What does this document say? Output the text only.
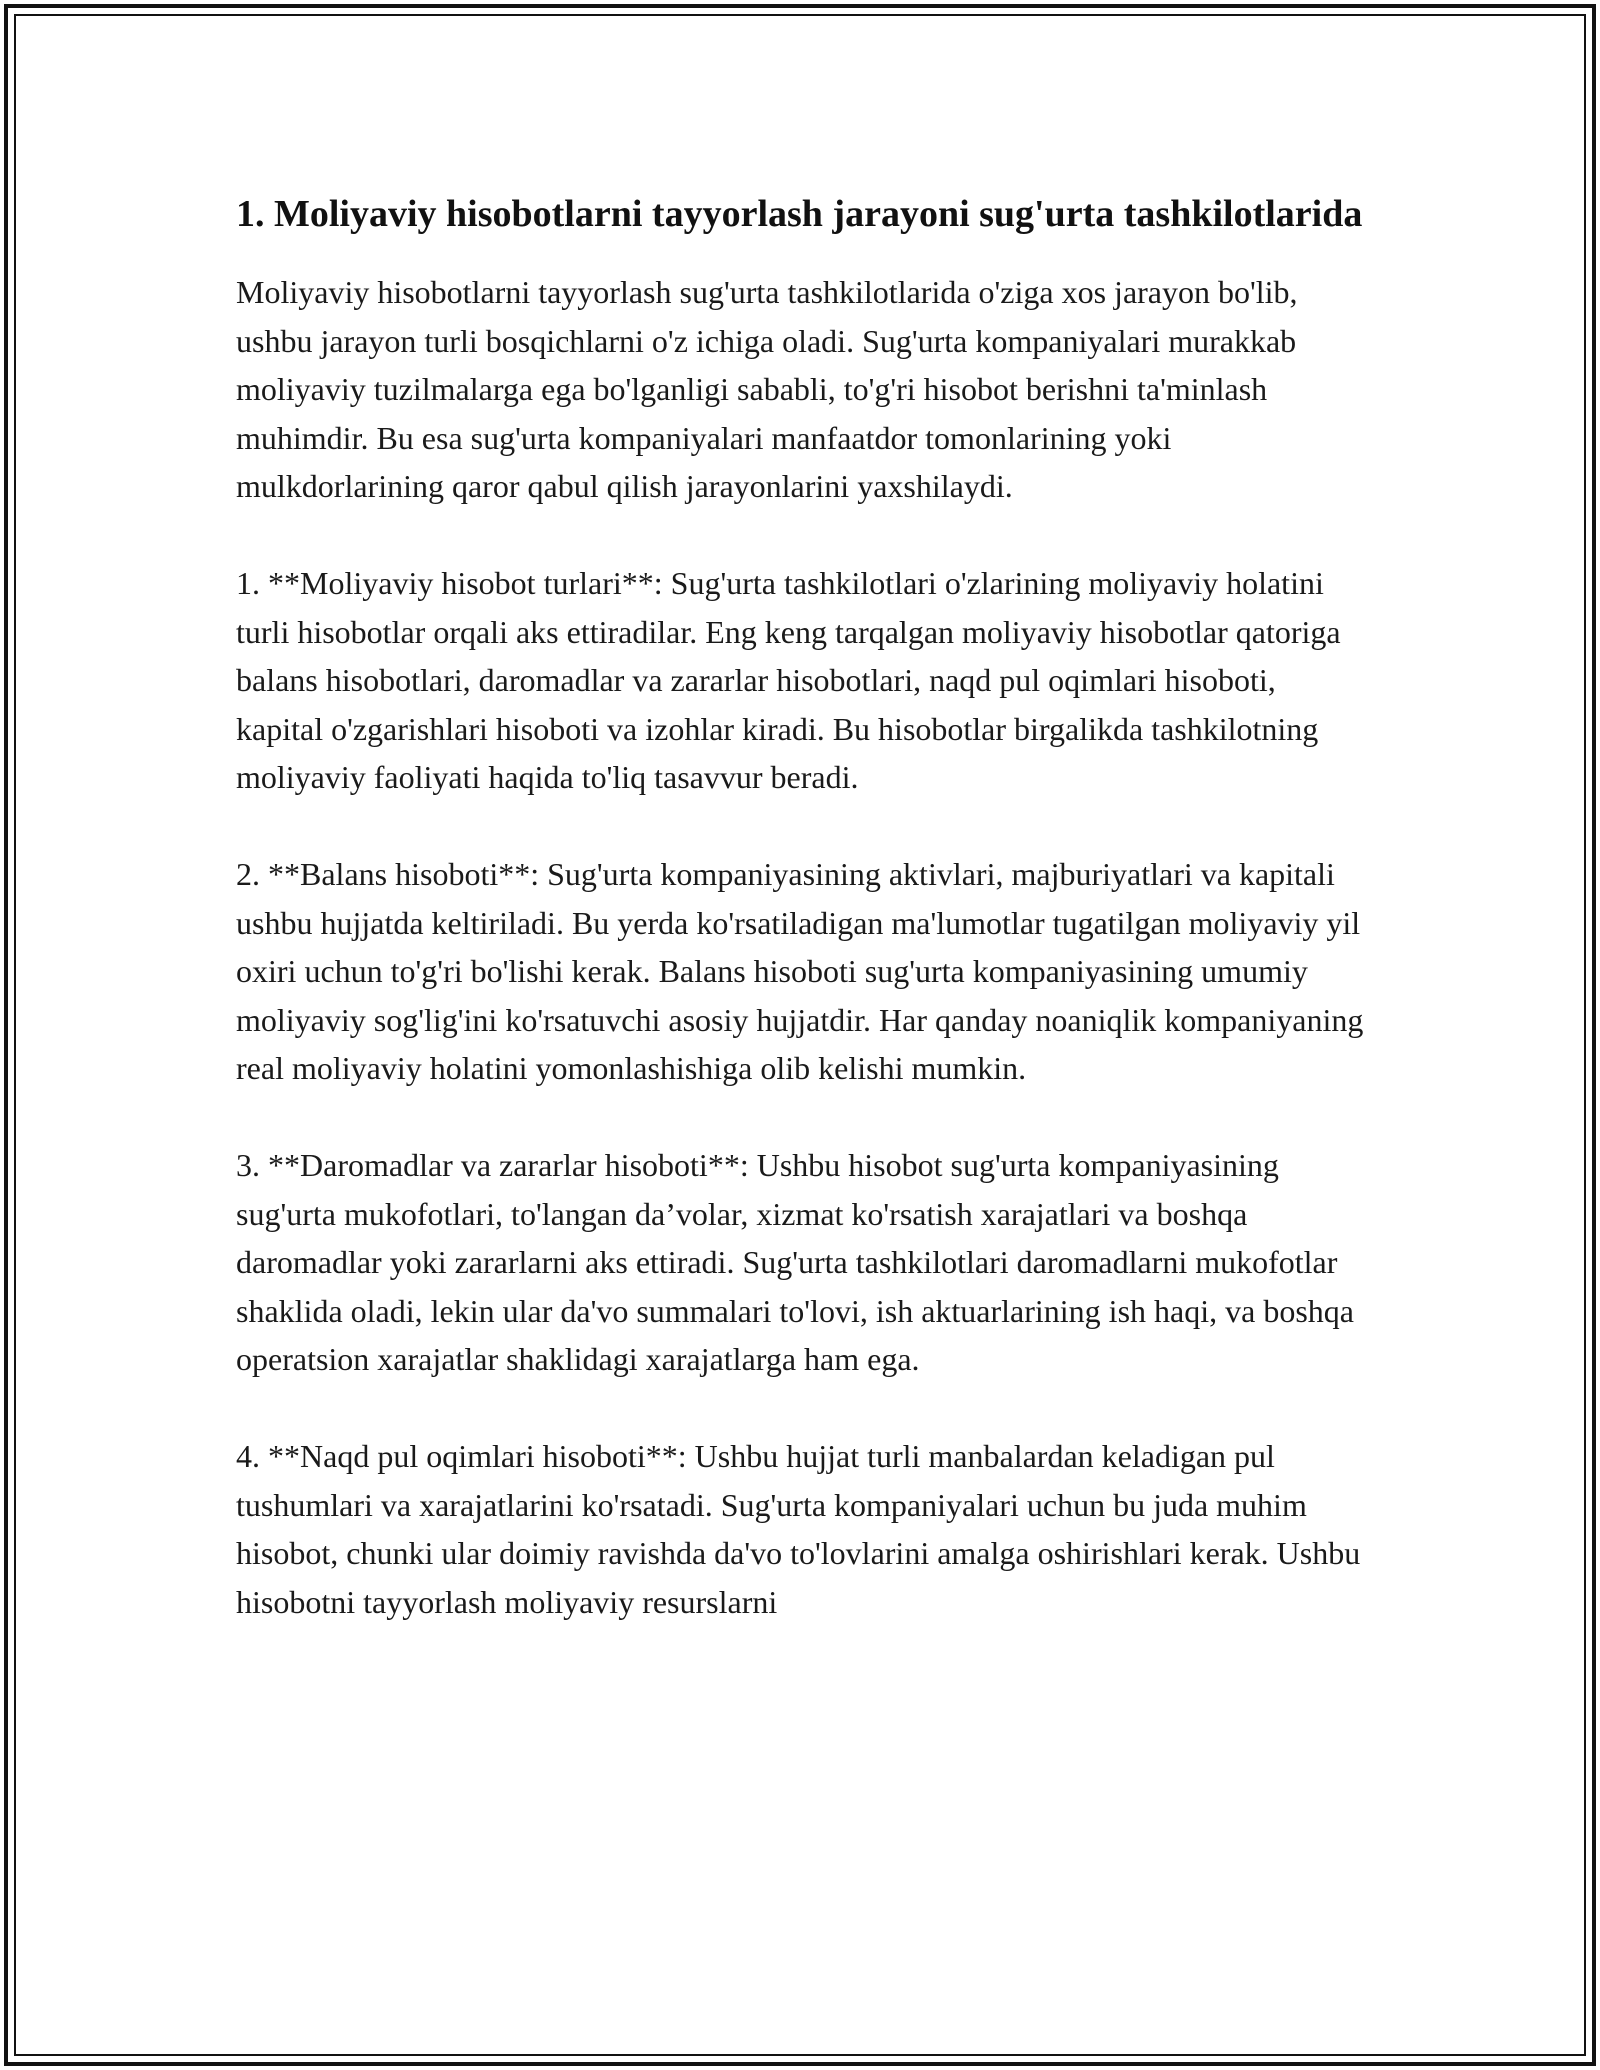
1. Moliyaviy hisobotlarni tayyorlash jarayoni sug'urta tashkilotlarida

Moliyaviy hisobotlarni tayyorlash sug'urta tashkilotlarida o'ziga xos jarayon bo'lib, ushbu jarayon turli bosqichlarni o'z ichiga oladi. Sug'urta kompaniyalari murakkab moliyaviy tuzilmalarga ega bo'lganligi sababli, to'g'ri hisobot berishni ta'minlash muhimdir. Bu esa sug'urta kompaniyalari manfaatdor tomonlarining yoki mulkdorlarining qaror qabul qilish jarayonlarini yaxshilaydi.

1. **Moliyaviy hisobot turlari**: Sug'urta tashkilotlari o'zlarining moliyaviy holatini turli hisobotlar orqali aks ettiradilar. Eng keng tarqalgan moliyaviy hisobotlar qatoriga balans hisobotlari, daromadlar va zararlar hisobotlari, naqd pul oqimlari hisoboti, kapital o'zgarishlari hisoboti va izohlar kiradi. Bu hisobotlar birgalikda tashkilotning moliyaviy faoliyati haqida to'liq tasavvur beradi.

2. **Balans hisoboti**: Sug'urta kompaniyasining aktivlari, majburiyatlari va kapitali ushbu hujjatda keltiriladi. Bu yerda ko'rsatiladigan ma'lumotlar tugatilgan moliyaviy yil oxiri uchun to'g'ri bo'lishi kerak. Balans hisoboti sug'urta kompaniyasining umumiy moliyaviy sog'lig'ini ko'rsatuvchi asosiy hujjatdir. Har qanday noaniqlik kompaniyaning real moliyaviy holatini yomonlashishiga olib kelishi mumkin.

3. **Daromadlar va zararlar hisoboti**: Ushbu hisobot sug'urta kompaniyasining sug'urta mukofotlari, to'langan da’volar, xizmat ko'rsatish xarajatlari va boshqa daromadlar yoki zararlarni aks ettiradi. Sug'urta tashkilotlari daromadlarni mukofotlar shaklida oladi, lekin ular da'vo summalari to'lovi, ish aktuarlarining ish haqi, va boshqa operatsion xarajatlar shaklidagi xarajatlarga ham ega.

4. **Naqd pul oqimlari hisoboti**: Ushbu hujjat turli manbalardan keladigan pul tushumlari va xarajatlarini ko'rsatadi. Sug'urta kompaniyalari uchun bu juda muhim hisobot, chunki ular doimiy ravishda da'vo to'lovlarini amalga oshirishlari kerak. Ushbu hisobotni tayyorlash moliyaviy resurslarni
